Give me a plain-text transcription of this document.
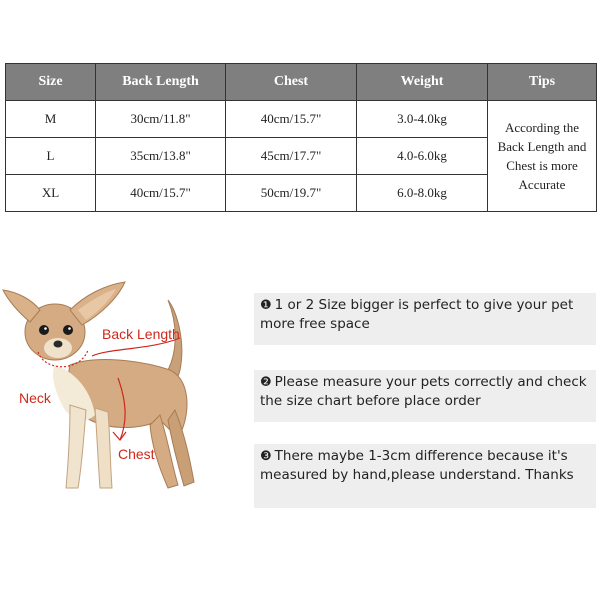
Size	Back Length	Chest	Weight	Tips
M	30cm/11.8"	40cm/15.7"	3.0-4.0kg	According the Back Length and Chest is more Accurate
L	35cm/13.8"	45cm/17.7"	4.0-6.0kg	
XL	40cm/15.7"	50cm/19.7"	6.0-8.0kg	
Back Length
Neck
Chest
❶ 1 or 2 Size bigger is perfect to give your pet more free space
❷ Please measure your pets correctly and check the size chart before place order
❸ There maybe 1-3cm difference because it's measured by hand,please understand. Thanks
